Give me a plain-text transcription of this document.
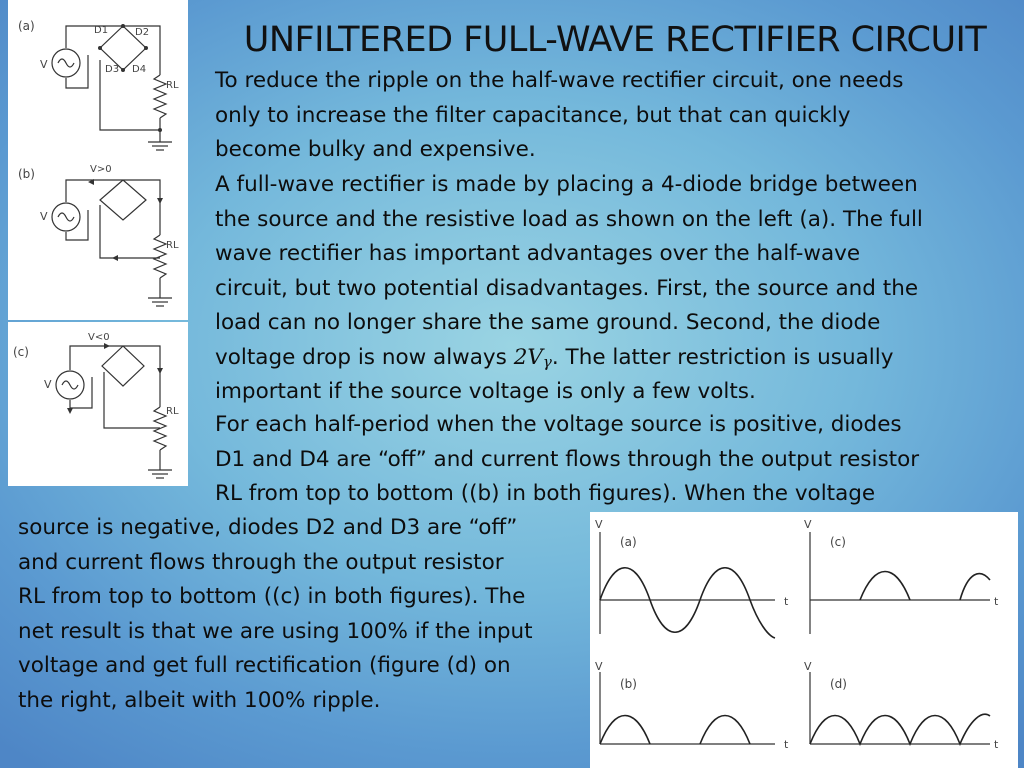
UNFILTERED FULL-WAVE RECTIFIER CIRCUIT
To reduce the ripple on the half-wave rectifier circuit, one needs
only to increase the filter capacitance, but that can quickly
become bulky and expensive.
A full-wave rectifier is made by placing a 4-diode bridge between
the source and the resistive load as shown on the left (a). The full
wave rectifier has important advantages over the half-wave
circuit, but two potential disadvantages. First, the source and the
load can no longer share the same ground. Second, the diode
voltage drop is now always $2V_\gamma$. The latter restriction is usually
important if the source voltage is only a few volts.
For each half-period when the voltage source is positive, diodes
D1 and D4 are “off” and current flows through the output resistor
RL from top to bottom ((b) in both figures). When the voltage
source is negative, diodes D2 and D3 are “off”
and current flows through the output resistor
RL from top to bottom ((c) in both figures). The
net result is that we are using 100% if the input
voltage and get full rectification (figure (d) on
the right, albeit with 100% ripple.
(a)
V
D1	D2
D3 D4
RL
(b)	V>0
V
RL
(c)
V<0
V
RL
V
(a)
t
V
(c)
t
V
(b)
t
V
(d)
t
